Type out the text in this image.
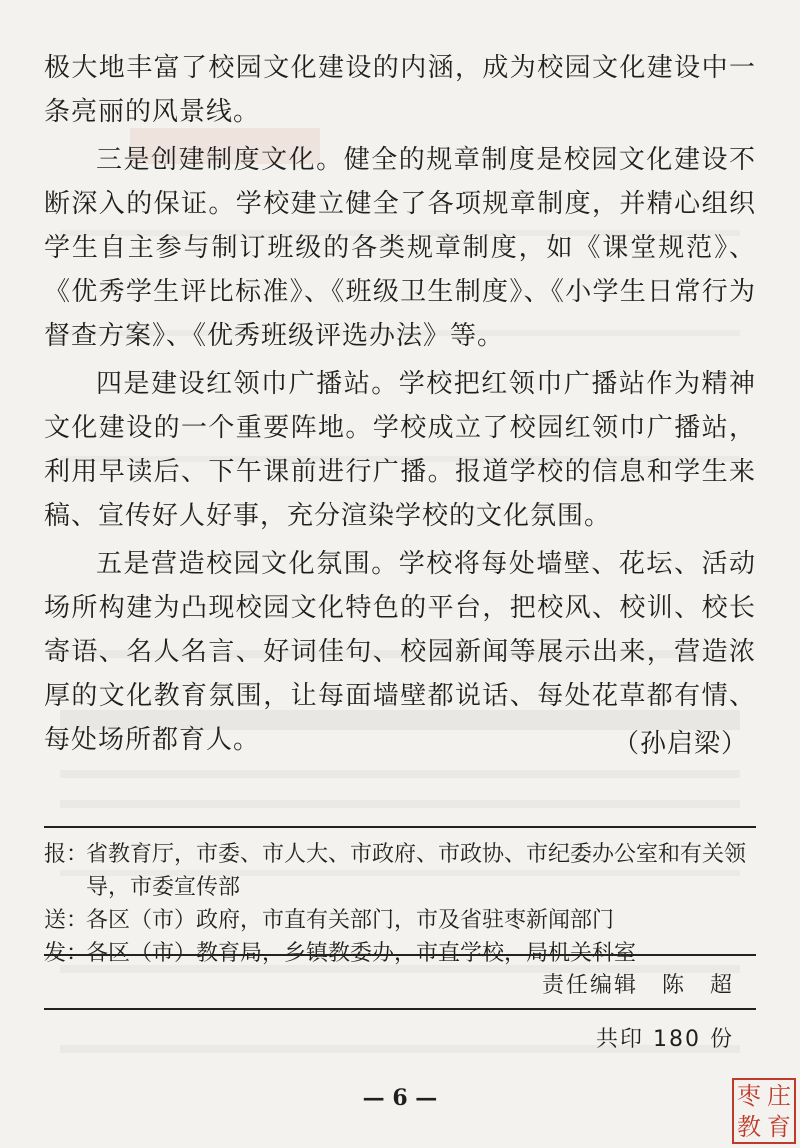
极大地丰富了校园文化建设的内涵，成为校园文化建设中一条亮丽的风景线。

三是创建制度文化。健全的规章制度是校园文化建设不断深入的保证。学校建立健全了各项规章制度，并精心组织学生自主参与制订班级的各类规章制度，如《课堂规范》、《优秀学生评比标准》、《班级卫生制度》、《小学生日常行为督查方案》、《优秀班级评选办法》等。

四是建设红领巾广播站。学校把红领巾广播站作为精神文化建设的一个重要阵地。学校成立了校园红领巾广播站，利用早读后、下午课前进行广播。报道学校的信息和学生来稿、宣传好人好事，充分渲染学校的文化氛围。

五是营造校园文化氛围。学校将每处墙壁、花坛、活动场所构建为凸现校园文化特色的平台，把校风、校训、校长寄语、名人名言、好词佳句、校园新闻等展示出来，营造浓厚的文化教育氛围，让每面墙壁都说话、每处花草都有情、每处场所都育人。	（孙启梁）
报：
省教育厅，市委、市人大、市政府、市政协、市纪委办公室和有关领导，市委宣传部
送：
各区（市）政府，市直有关部门，市及省驻枣新闻部门
发：
各区（市）教育局，乡镇教委办，市直学校，局机关科室
责任编辑 陈　超
共印 180 份
— 6 —	枣 庄
教 育
